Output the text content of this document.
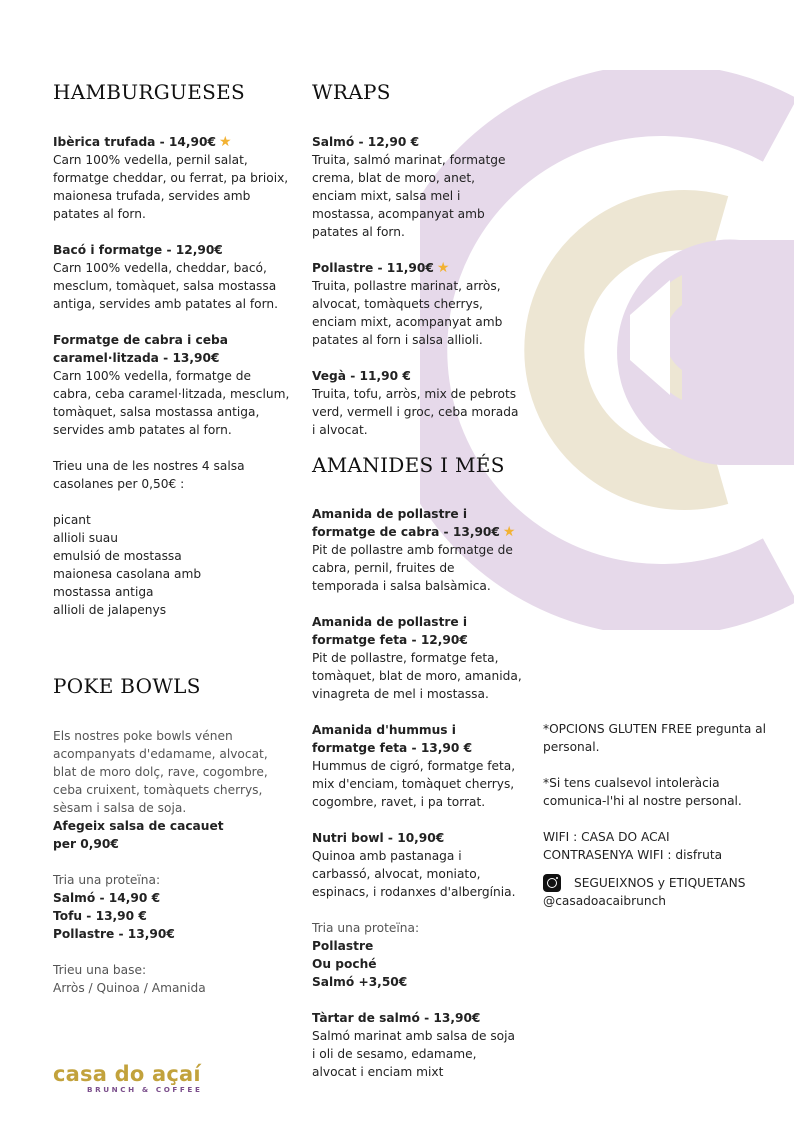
HAMBURGUESES

Ibèrica trufada - 14,90€ ★

Carn 100% vedella, pernil salat, formatge cheddar, ou ferrat, pa brioix, maionesa trufada, servides amb patates al forn.

Bacó i formatge - 12,90€

Carn 100% vedella, cheddar, bacó, mesclum, tomàquet, salsa mostassa antiga, servides amb patates al forn.

Formatge de cabra i ceba caramel·litzada - 13,90€

Carn 100% vedella, formatge de cabra, ceba caramel·litzada, mesclum, tomàquet, salsa mostassa antiga, servides amb patates al forn.

Trieu una de les nostres 4 salsa casolanes per 0,50€ :

picant

allioli suau

emulsió de mostassa

maionesa casolana amb mostassa antiga

allioli de jalapenys

POKE BOWLS

Els nostres poke bowls vénen acompanyats d'edamame, alvocat, blat de moro dolç, rave, cogombre, ceba cruixent, tomàquets cherrys, sèsam i salsa de soja.

Afegeix salsa de cacauet per 0,90€

Tria una proteïna:

Salmó - 14,90 €

Tofu - 13,90 €

Pollastre - 13,90€

Trieu una base:

Arròs / Quinoa / Amanida

WRAPS

Salmó - 12,90 €

Truita, salmó marinat, formatge crema, blat de moro, anet, enciam mixt, salsa mel i mostassa, acompanyat amb patates al forn.

Pollastre - 11,90€ ★

Truita, pollastre marinat, arròs, alvocat, tomàquets cherrys, enciam mixt, acompanyat amb patates al forn i salsa allioli.

Vegà - 11,90 €

Truita, tofu, arròs, mix de pebrots verd, vermell i groc, ceba morada i alvocat.

AMANIDES I MÉS

Amanida de pollastre i formatge de cabra - 13,90€ ★

Pit de pollastre amb formatge de cabra, pernil, fruites de temporada i salsa balsàmica.

Amanida de pollastre i formatge feta - 12,90€

Pit de pollastre, formatge feta, tomàquet, blat de moro, amanida, vinagreta de mel i mostassa.

Amanida d'hummus i formatge feta - 13,90 €

Hummus de cigró, formatge feta, mix d'enciam, tomàquet cherrys, cogombre, ravet, i pa torrat.

Nutri bowl - 10,90€

Quinoa amb pastanaga i carbassó, alvocat, moniato, espinacs, i rodanxes d'albergínia.

Tria una proteïna:

Pollastre

Ou poché

Salmó +3,50€

Tàrtar de salmó - 13,90€

Salmó marinat amb salsa de soja i oli de sesamo, edamame, alvocat i enciam mixt

*OPCIONS GLUTEN FREE pregunta al personal.

*Si tens cualsevol intoleràcia comunica-l'hi al nostre personal.

WIFI : CASA DO ACAI

CONTRASENYA WIFI : disfruta

SEGUEIXNOS y ETIQUETANS

@casadoacaibrunch

casa do açaí
BRUNCH & COFFEE
